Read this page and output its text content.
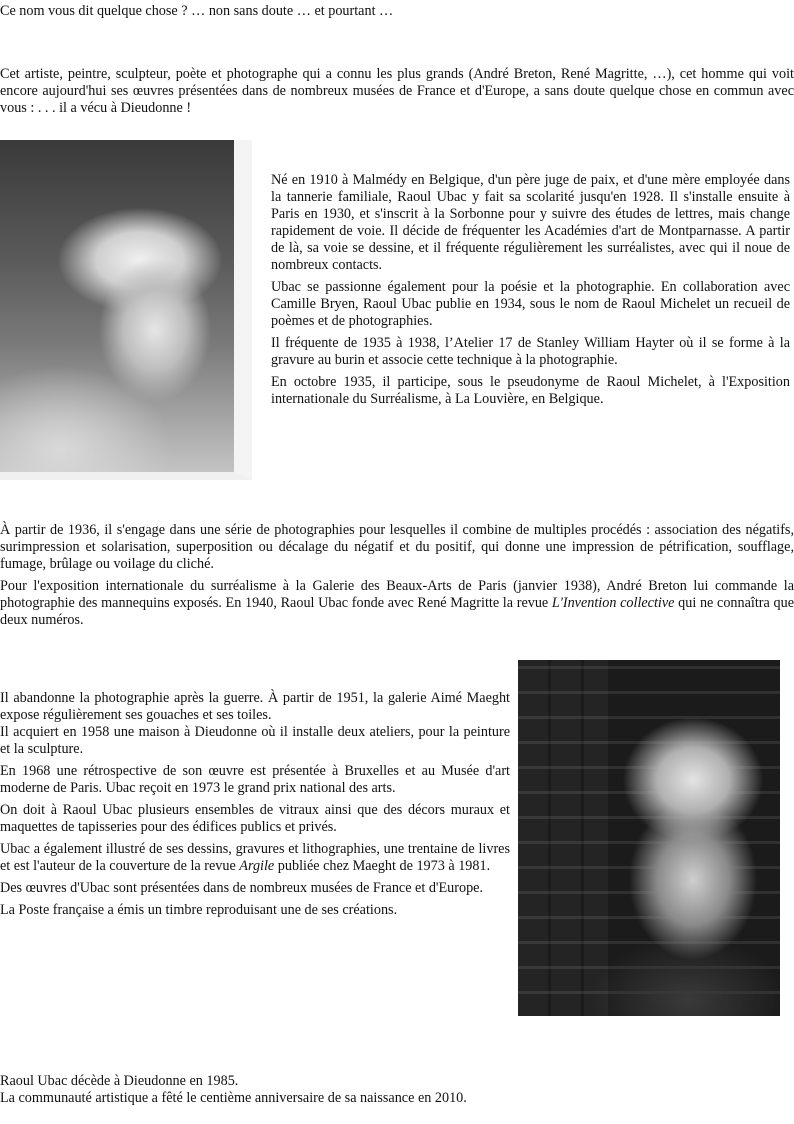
Ce nom vous dit quelque chose ? … non sans doute … et pourtant …

Cet artiste, peintre, sculpteur, poète et photographe qui a connu les plus grands (André Breton, René Magritte, …), cet homme qui voit encore aujourd'hui ses œuvres présentées dans de nombreux musées de France et d'Europe, a sans doute quelque chose en commun avec vous : . . . il a vécu à Dieudonne !

Né en 1910 à Malmédy en Belgique, d'un père juge de paix, et d'une mère employée dans la tannerie familiale, Raoul Ubac y fait sa scolarité jusqu'en 1928. Il s'installe ensuite à Paris en 1930, et s'inscrit à la Sorbonne pour y suivre des études de lettres, mais change rapidement de voie. Il décide de fréquenter les Académies d'art de Montparnasse. A partir de là, sa voie se dessine, et il fréquente régulièrement les surréalistes, avec qui il noue de nombreux contacts.

Ubac se passionne également pour la poésie et la photographie. En collaboration avec Camille Bryen, Raoul Ubac publie en 1934, sous le nom de Raoul Michelet un recueil de poèmes et de photographies.

Il fréquente de 1935 à 1938, l’Atelier 17 de Stanley William Hayter où il se forme à la gravure au burin et associe cette technique à la photographie.

En octobre 1935, il participe, sous le pseudonyme de Raoul Michelet, à l'Exposition internationale du Surréalisme, à La Louvière, en Belgique.

À partir de 1936, il s'engage dans une série de photographies pour lesquelles il combine de multiples procédés : association des négatifs, surimpression et solarisation, superposition ou décalage du négatif et du positif, qui donne une impression de pétrification, soufflage, fumage, brûlage ou voilage du cliché.

Pour l'exposition internationale du surréalisme à la Galerie des Beaux-Arts de Paris (janvier 1938), André Breton lui commande la photographie des mannequins exposés. En 1940, Raoul Ubac fonde avec René Magritte la revue L'Invention collective qui ne connaîtra que deux numéros.

Il abandonne la photographie après la guerre. À partir de 1951, la galerie Aimé Maeght expose régulièrement ses gouaches et ses toiles.

Il acquiert en 1958 une maison à Dieudonne où il installe deux ateliers, pour la peinture et la sculpture.

En 1968 une rétrospective de son œuvre est présentée à Bruxelles et au Musée d'art moderne de Paris. Ubac reçoit en 1973 le grand prix national des arts.

On doit à Raoul Ubac plusieurs ensembles de vitraux ainsi que des décors muraux et maquettes de tapisseries pour des édifices publics et privés.

Ubac a également illustré de ses dessins, gravures et lithographies, une trentaine de livres et est l'auteur de la couverture de la revue Argile publiée chez Maeght de 1973 à 1981.

Des œuvres d'Ubac sont présentées dans de nombreux musées de France et d'Europe.

La Poste française a émis un timbre reproduisant une de ses créations.

Raoul Ubac décède à Dieudonne en 1985.

La communauté artistique a fêté le centième anniversaire de sa naissance en 2010.
